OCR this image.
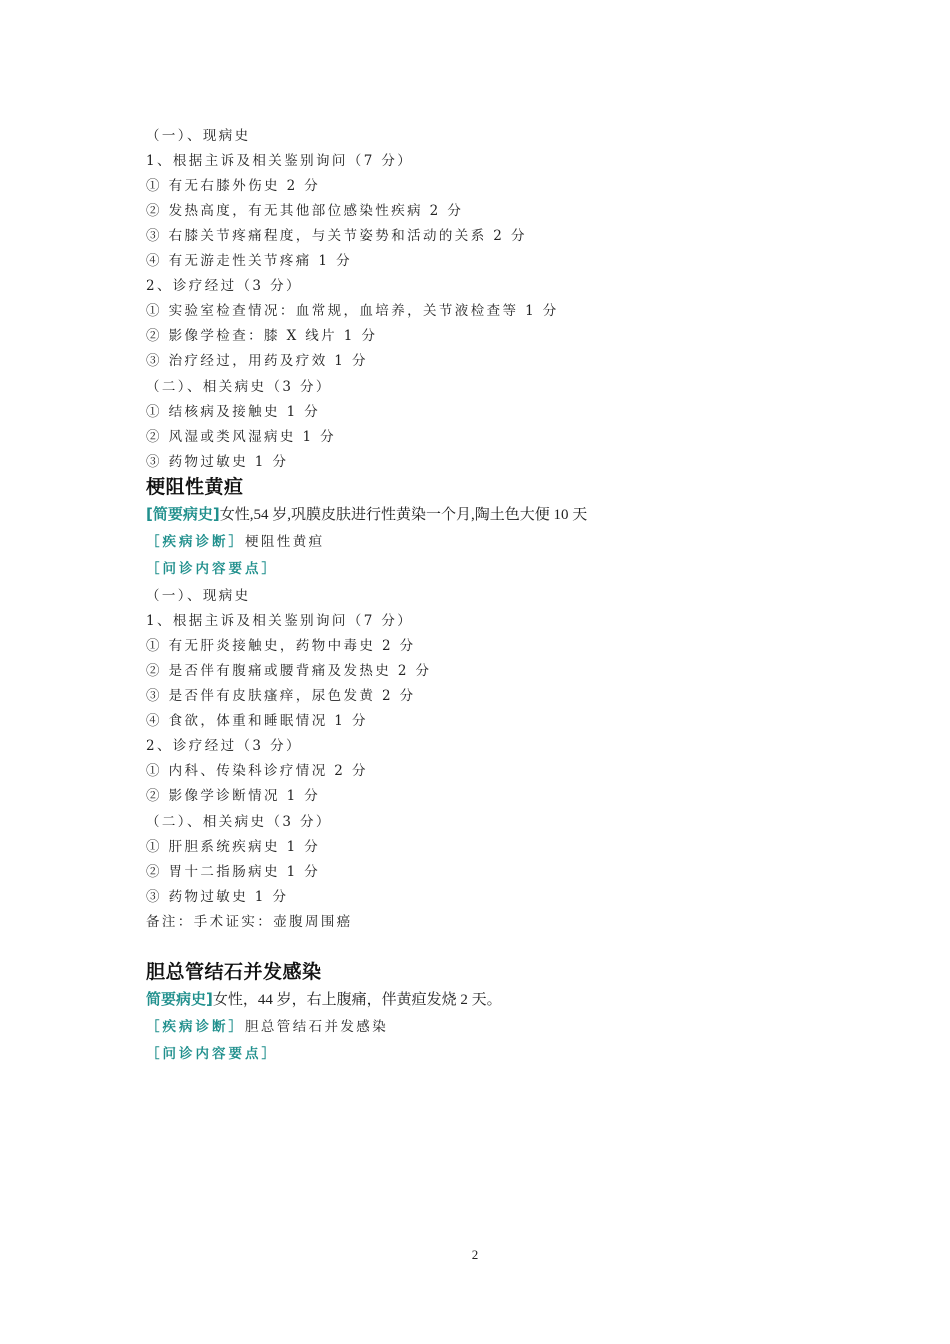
（一）、现病史
1、根据主诉及相关鉴别询问（7 分）
① 有无右膝外伤史 2 分
② 发热高度，有无其他部位感染性疾病 2 分
③ 右膝关节疼痛程度，与关节姿势和活动的关系 2 分
④ 有无游走性关节疼痛 1 分
2、诊疗经过（3 分）
① 实验室检查情况：血常规，血培养，关节液检查等 1 分
② 影像学检查：膝 X 线片 1 分
③ 治疗经过，用药及疗效 1 分
（二）、相关病史（3 分）
① 结核病及接触史 1 分
② 风湿或类风湿病史 1 分
③ 药物过敏史 1 分
梗阻性黄疸
[简要病史]女性,54 岁,巩膜皮肤进行性黄染一个月,陶土色大便 10 天
［疾病诊断］梗阻性黄疸
［问诊内容要点］
（一）、现病史
1、根据主诉及相关鉴别询问（7 分）
① 有无肝炎接触史，药物中毒史 2 分
② 是否伴有腹痛或腰背痛及发热史 2 分
③ 是否伴有皮肤瘙痒，尿色发黄 2 分
④ 食欲，体重和睡眠情况 1 分
2、诊疗经过（3 分）
① 内科、传染科诊疗情况 2 分
② 影像学诊断情况 1 分
（二）、相关病史（3 分）
① 肝胆系统疾病史 1 分
② 胃十二指肠病史 1 分
③ 药物过敏史 1 分
备注：手术证实：壶腹周围癌
胆总管结石并发感染
简要病史]女性，44 岁，右上腹痛，伴黄疸发烧 2 天。
［疾病诊断］胆总管结石并发感染
［问诊内容要点］
2
